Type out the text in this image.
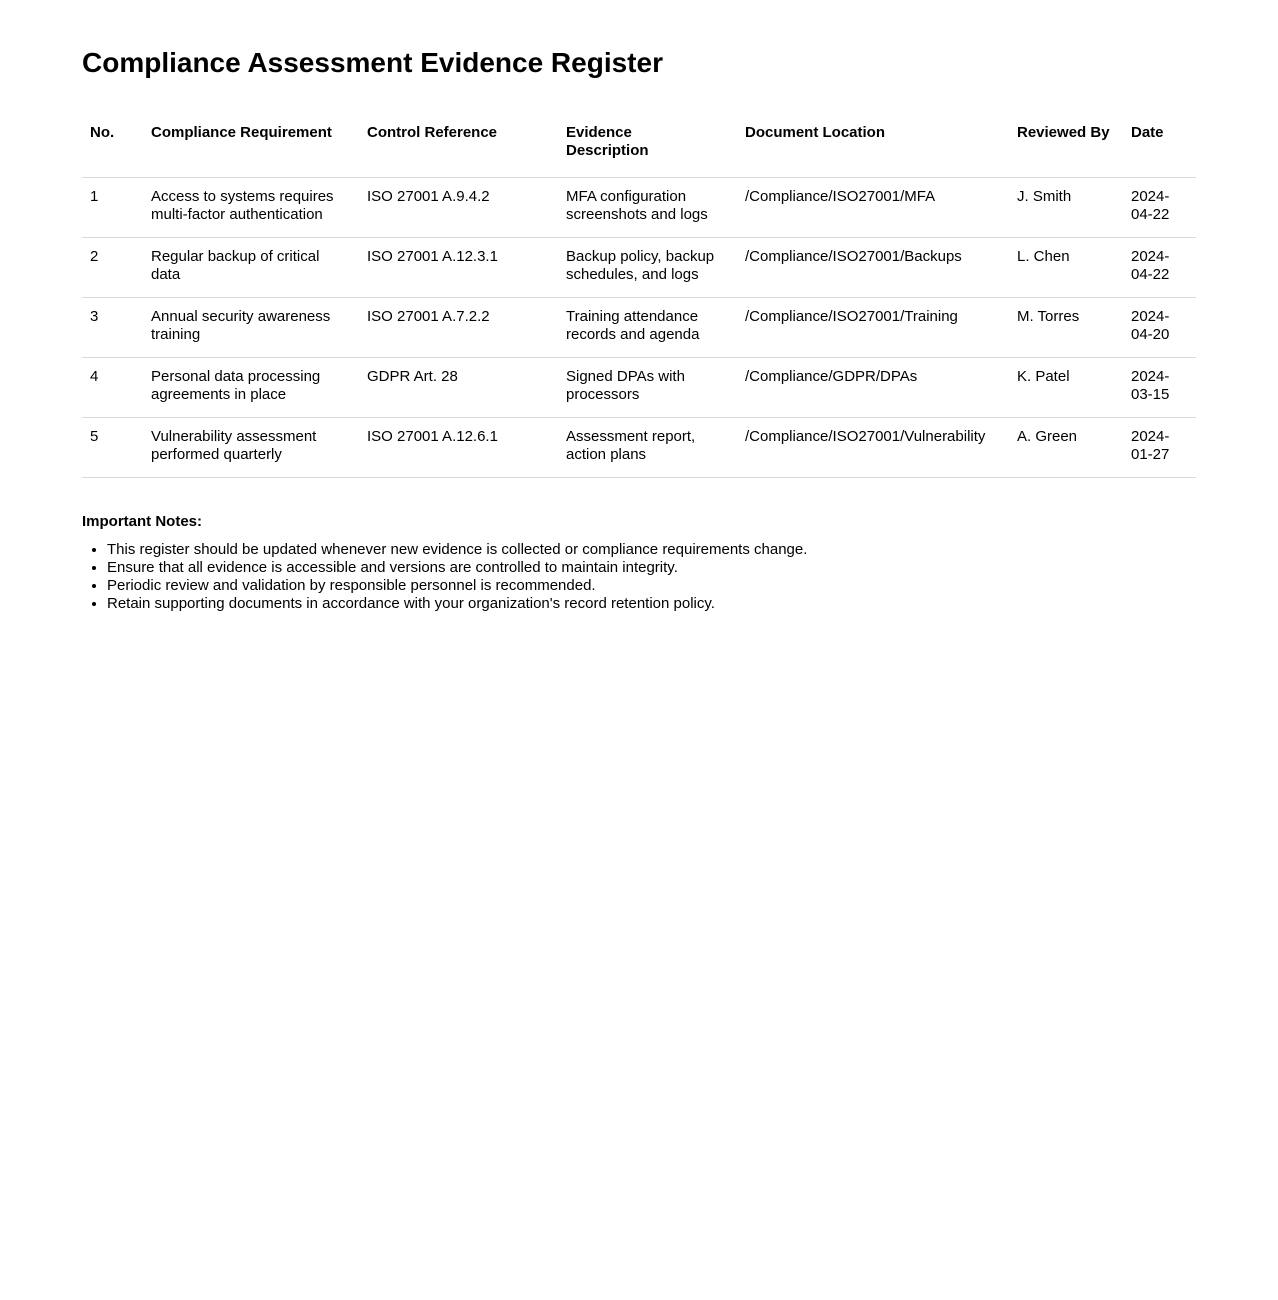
Compliance Assessment Evidence Register
No.	Compliance Requirement	Control Reference	Evidence Description	Document Location	Reviewed By	Date
1	Access to systems requires multi-factor authentication	ISO 27001 A.9.4.2	MFA configuration screenshots and logs	/Compliance/ISO27001/MFA	J. Smith	2024-04-22
2	Regular backup of critical data	ISO 27001 A.12.3.1	Backup policy, backup schedules, and logs	/Compliance/ISO27001/Backups	L. Chen	2024-04-22
3	Annual security awareness training	ISO 27001 A.7.2.2	Training attendance records and agenda	/Compliance/ISO27001/Training	M. Torres	2024-04-20
4	Personal data processing agreements in place	GDPR Art. 28	Signed DPAs with processors	/Compliance/GDPR/DPAs	K. Patel	2024-03-15
5	Vulnerability assessment performed quarterly	ISO 27001 A.12.6.1	Assessment report, action plans	/Compliance/ISO27001/Vulnerability	A. Green	2024-01-27
Important Notes:
• This register should be updated whenever new evidence is collected or compliance requirements change.
• Ensure that all evidence is accessible and versions are controlled to maintain integrity.
• Periodic review and validation by responsible personnel is recommended.
• Retain supporting documents in accordance with your organization's record retention policy.
